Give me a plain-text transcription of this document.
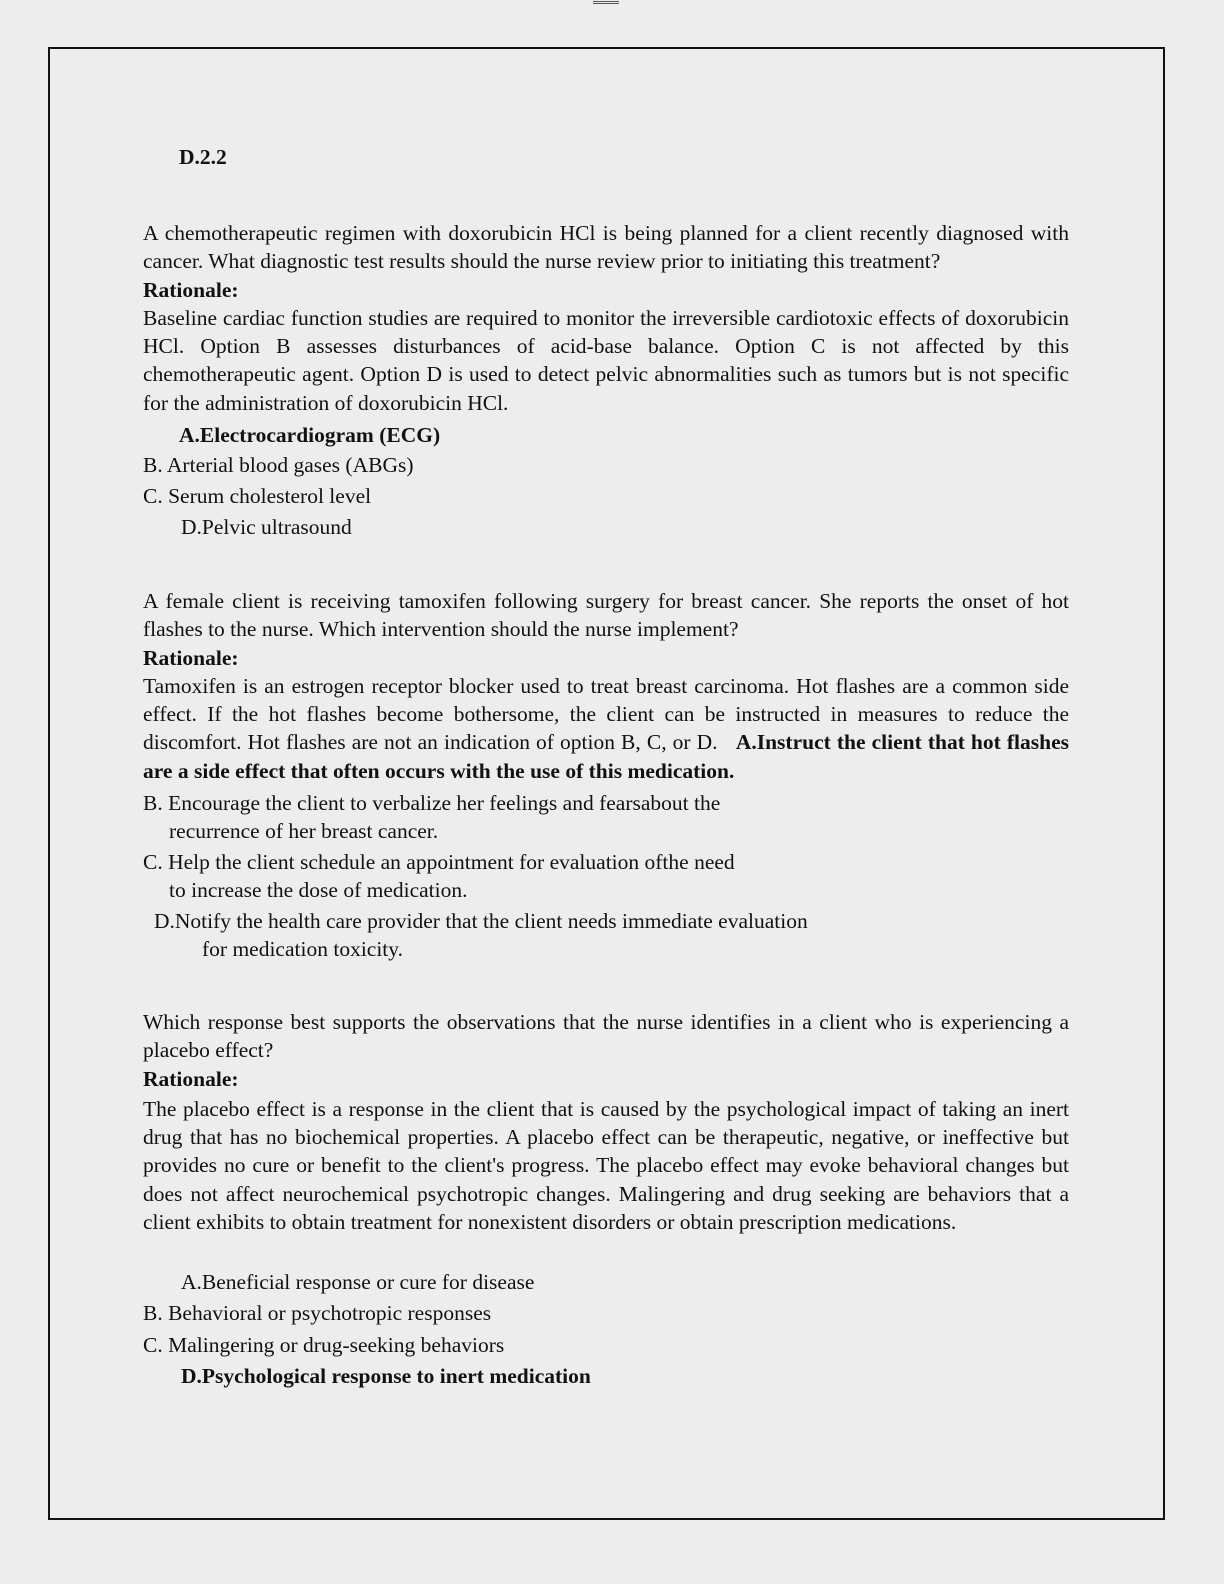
D.2.2
A chemotherapeutic regimen with doxorubicin HCl is being planned for a client recently diagnosed with cancer. What diagnostic test results should the nurse review prior to initiating this treatment?
Rationale:
Baseline cardiac function studies are required to monitor the irreversible cardiotoxic effects of doxorubicin HCl. Option B assesses disturbances of acid-base balance. Option C is not affected by this chemotherapeutic agent. Option D is used to detect pelvic abnormalities such as tumors but is not specific for the administration of doxorubicin HCl.
A.Electrocardiogram (ECG)
B. Arterial blood gases (ABGs)
C. Serum cholesterol level
D.Pelvic ultrasound
A female client is receiving tamoxifen following surgery for breast cancer. She reports the onset of hot flashes to the nurse. Which intervention should the nurse implement?
Rationale:
Tamoxifen is an estrogen receptor blocker used to treat breast carcinoma. Hot flashes are a common side effect. If the hot flashes become bothersome, the client can be instructed in measures to reduce the discomfort. Hot flashes are not an indication of option B, C, or D. A.Instruct the client that hot flashes are a side effect that often occurs with the use of this medication.
B. Encourage the client to verbalize her feelings and fearsabout the
recurrence of her breast cancer.
C. Help the client schedule an appointment for evaluation ofthe need
to increase the dose of medication.
D.Notify the health care provider that the client needs immediate evaluation
for medication toxicity.
Which response best supports the observations that the nurse identifies in a client who is experiencing a placebo effect?
Rationale:
The placebo effect is a response in the client that is caused by the psychological impact of taking an inert drug that has no biochemical properties. A placebo effect can be therapeutic, negative, or ineffective but provides no cure or benefit to the client's progress. The placebo effect may evoke behavioral changes but does not affect neurochemical psychotropic changes. Malingering and drug seeking are behaviors that a client exhibits to obtain treatment for nonexistent disorders or obtain prescription medications.
A.Beneficial response or cure for disease
B. Behavioral or psychotropic responses
C. Malingering or drug-seeking behaviors
D.Psychological response to inert medication
